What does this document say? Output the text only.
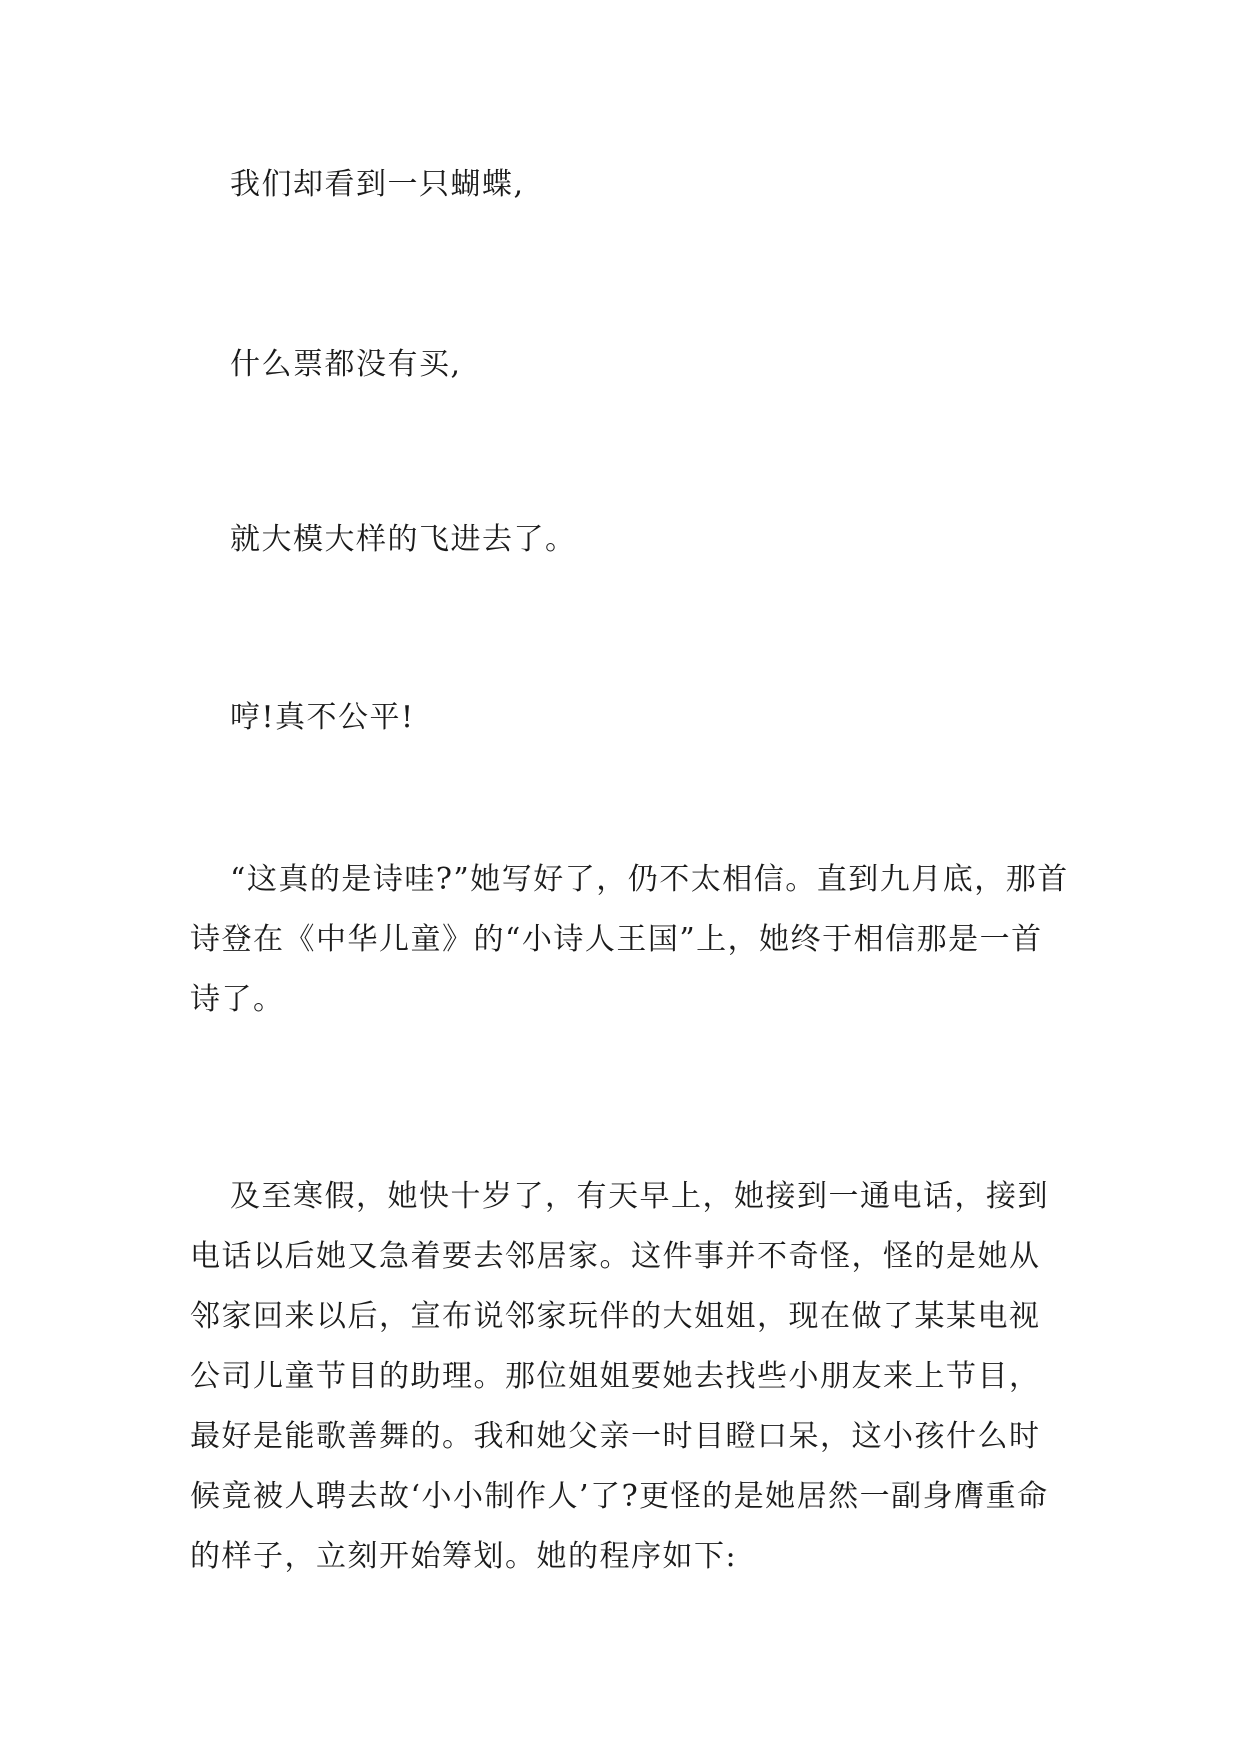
我们却看到一只蝴蝶,

什么票都没有买,

就大模大样的飞进去了。

哼!真不公平!

“这真的是诗哇?”她写好了，仍不太相信。直到九月底，那首诗登在《中华儿童》的“小诗人王国”上，她终于相信那是一首诗了。

及至寒假，她快十岁了，有天早上，她接到一通电话，接到电话以后她又急着要去邻居家。这件事并不奇怪，怪的是她从邻家回来以后，宣布说邻家玩伴的大姐姐，现在做了某某电视公司儿童节目的助理。那位姐姐要她去找些小朋友来上节目，最好是能歌善舞的。我和她父亲一时目瞪口呆，这小孩什么时候竟被人聘去故‘小小制作人’了?更怪的是她居然一副身膺重命的样子，立刻开始筹划。她的程序如下:
